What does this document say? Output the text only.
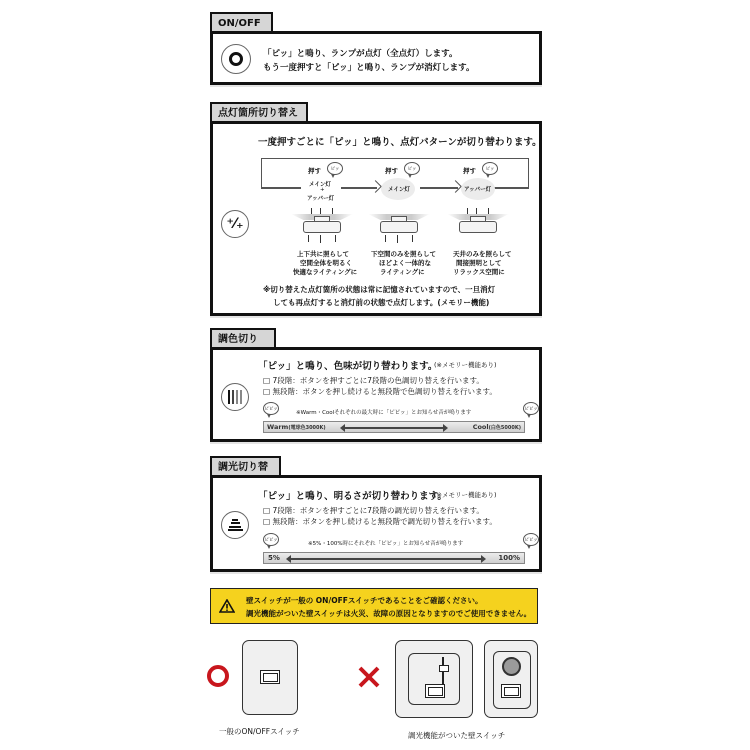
ON/OFF
「ピッ」と鳴り、ランプが点灯（全点灯）します。
もう一度押すと「ピッ」と鳴り、ランプが消灯します。
点灯箇所切り替え
一度押すごとに「ピッ」と鳴り、点灯パターンが切り替わります。
押す	ピッ
メイン灯
+
アッパー灯
押す	ピッ
メイン灯
押す	ピッ
アッパー灯
⁺⁄₊
上下共に照らして
空間全体を明るく
快適なライティングに
下空間のみを照らして
ほどよく一体的な
ライティングに
天井のみを照らして
間接照明として
リラックス空間に
※切り替えた点灯箇所の状態は常に記憶されていますので、一旦消灯
しても再点灯すると消灯前の状態で点灯します。(メモリー機能)
調色切り
「ピッ」と鳴り、色味が切り替わります。
(※メモリー機能あり)
□ 7段階：ボタンを押すごとに7段階の色調切り替えを行います。
□ 無段階：ボタンを押し続けると無段階で色調切り替えを行います。
ピピッ
※Warm・Coolそれぞれの最大時に「ピピッ」とお知らせ音が鳴ります
ピピッ
Warm(電球色3000K)	Cool(白色5000K)
調光切り替
「ピッ」と鳴り、明るさが切り替わります。
(※メモリー機能あり)
□ 7段階：ボタンを押すごとに7段階の調光切り替えを行います。
□ 無段階：ボタンを押し続けると無段階で調光切り替えを行います。
ピピッ
※5%・100%時にそれぞれ「ピピッ」とお知らせ音が鳴ります
ピピッ
5%	100%
壁スイッチが一般の ON/OFFスイッチであることをご確認ください。
調光機能がついた壁スイッチは火災、故障の原因となりますのでご使用できません。
一般のON/OFFスイッチ	調光機能がついた壁スイッチ
